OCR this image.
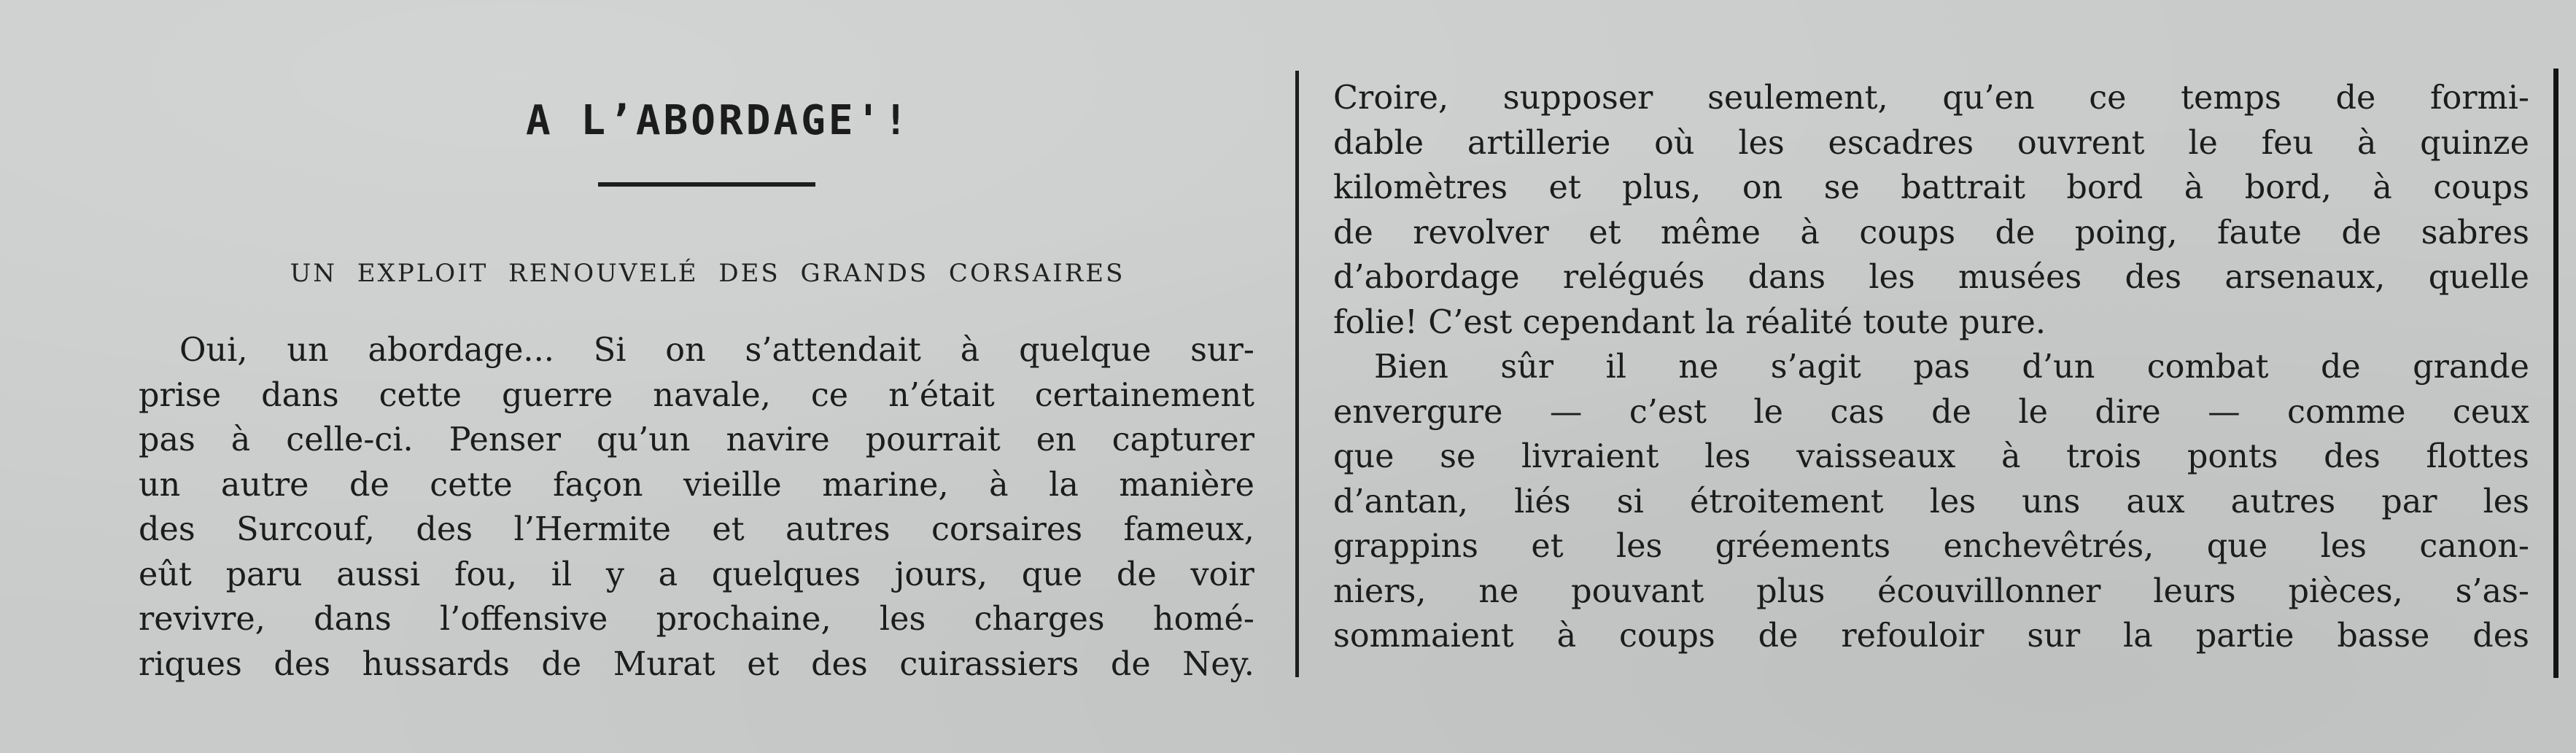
A L’ABORDAGE'!
UN EXPLOIT RENOUVELÉ DES GRANDS CORSAIRES
Oui, un abordage... Si on s’attendait à quelque sur-
prise dans cette guerre navale, ce n’était certainement
pas à celle-ci. Penser qu’un navire pourrait en capturer
un autre de cette façon vieille marine, à la manière
des Surcouf, des l’Hermite et autres corsaires fameux,
eût paru aussi fou, il y a quelques jours, que de voir
revivre, dans l’offensive prochaine, les charges homé-
riques des hussards de Murat et des cuirassiers de Ney.
Croire, supposer seulement, qu’en ce temps de formi-
dable artillerie où les escadres ouvrent le feu à quinze
kilomètres et plus, on se battrait bord à bord, à coups
de revolver et même à coups de poing, faute de sabres
d’abordage relégués dans les musées des arsenaux, quelle
folie! C’est cependant la réalité toute pure.
Bien sûr il ne s’agit pas d’un combat de grande
envergure — c’est le cas de le dire — comme ceux
que se livraient les vaisseaux à trois ponts des flottes
d’antan, liés si étroitement les uns aux autres par les
grappins et les gréements enchevêtrés, que les canon-
niers, ne pouvant plus écouvillonner leurs pièces, s’as-
sommaient à coups de refouloir sur la partie basse des
